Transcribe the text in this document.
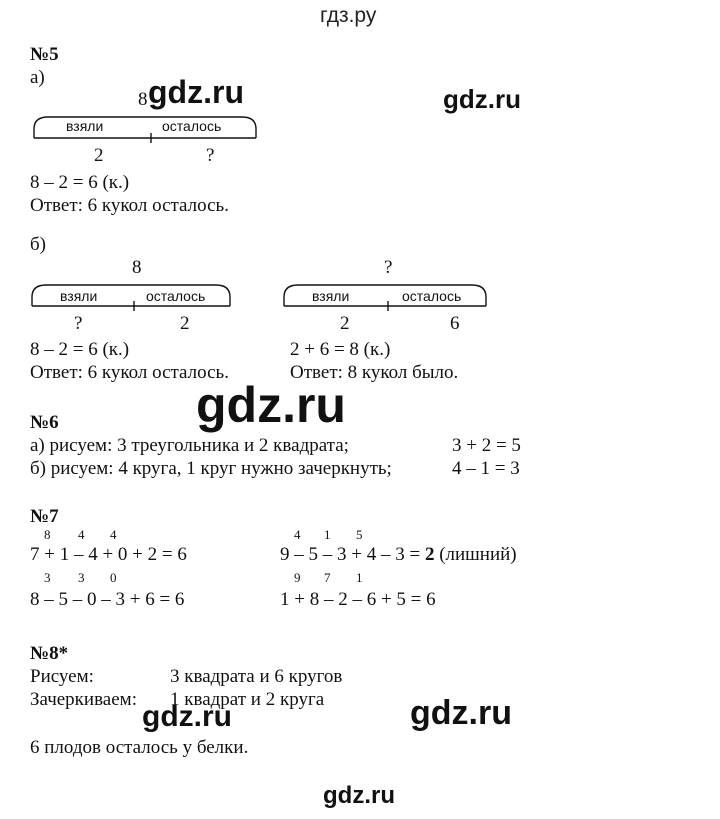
гдз.ру
№5
а)
8 gdz.ru	gdz.ru
взяли	осталось
2	?
8 – 2 = 6 (к.)
Ответ: 6 кукол осталось.
б)
8
взяли	осталось
?	2
?
взяли	осталось
2	6
8 – 2 = 6 (к.)	2 + 6 = 8 (к.)
Ответ: 6 кукол осталось.	Ответ: 8 кукол было.
gdz.ru
№6
а) рисуем: 3 треугольника и 2 квадрата;	3 + 2 = 5
б) рисуем: 4 круга, 1 круг нужно зачеркнуть;	4 – 1 = 3
№7
8 4 4
7 + 1 – 4 + 0 + 2 = 6
4 1 5
9 – 5 – 3 + 4 – 3 = 2 (лишний)
3 3 0
8 – 5 – 0 – 3 + 6 = 6
9 7 1
1 + 8 – 2 – 6 + 5 = 6
№8*
Рисуем:	3 квадрата и 6 кругов
Зачеркиваем: 1 квадрат и 2 круга
gdz.ru	gdz.ru
6 плодов осталось у белки.
gdz.ru
